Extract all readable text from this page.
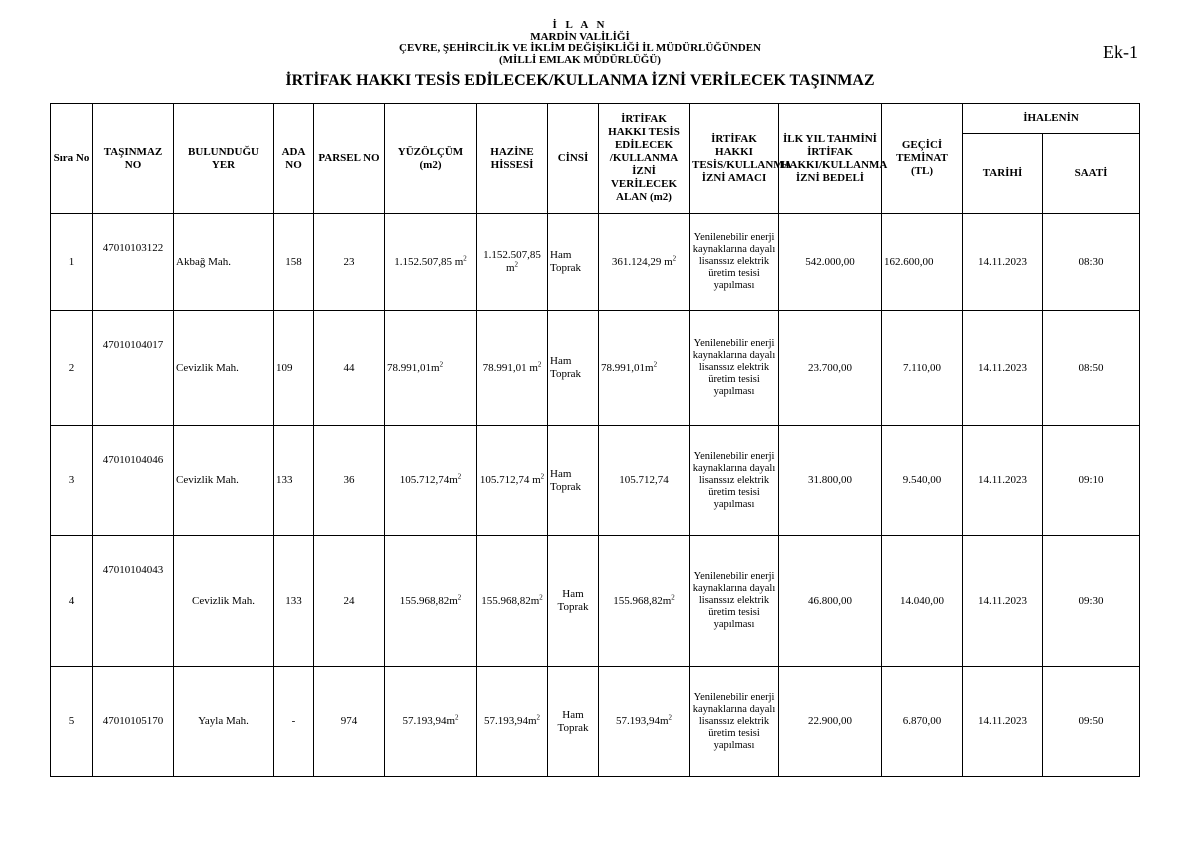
İ L A N
MARDİN VALİLİĞİ
ÇEVRE, ŞEHİRCİLİK VE İKLİM DEĞİŞİKLİĞİ İL MÜDÜRLÜĞÜNDEN
(MİLLİ EMLAK MÜDÜRLÜĞÜ)
İRTİFAK HAKKI TESİS EDİLECEK/KULLANMA İZNİ VERİLECEK TAŞINMAZ
Ek-1
Sıra No	TAŞINMAZ NO	BULUNDUĞU YER	ADA NO	PARSEL NO	YÜZÖLÇÜM (m2)	HAZİNE HİSSESİ	CİNSİ	İRTİFAK HAKKI TESİS EDİLECEK /KULLANMA İZNİ VERİLECEK ALAN (m2)	İRTİFAK HAKKI TESİS/KULLANMA İZNİ AMACI	İLK YIL TAHMİNİ İRTİFAK HAKKI/KULLANMA İZNİ BEDELİ	GEÇİCİ TEMİNAT (TL)	İHALENİN	
												TARİHİ	SAATİ
1	47010103122	Akbağ Mah.	158	23	1.152.507,85 $m^2$	1.152.507,85 $m^2$	Ham Toprak	361.124,29 $m^2$	Yenilenebilir enerji kaynaklarına dayalı lisanssız elektrik üretim tesisi yapılması	542.000,00	162.600,00	14.11.2023	08:30
2	47010104017	Cevizlik Mah.	109	44	$78.991,01m^2$	78.991,01 $m^2$	Ham Toprak	$78.991,01m^2$	Yenilenebilir enerji kaynaklarına dayalı lisanssız elektrik üretim tesisi yapılması	23.700,00	7.110,00	14.11.2023	08:50
3	47010104046	Cevizlik Mah.	133	36	$105.712,74m^2$	105.712,74 $m^2$	Ham Toprak	105.712,74	Yenilenebilir enerji kaynaklarına dayalı lisanssız elektrik üretim tesisi yapılması	31.800,00	9.540,00	14.11.2023	09:10
4	47010104043	Cevizlik Mah.	133	24	$155.968,82m^2$	$155.968,82m^2$	Ham Toprak	$155.968,82m^2$	Yenilenebilir enerji kaynaklarına dayalı lisanssız elektrik üretim tesisi yapılması	46.800,00	14.040,00	14.11.2023	09:30
5	47010105170	Yayla Mah.	-	974	$57.193,94m^2$	$57.193,94m^2$	Ham Toprak	$57.193,94m^2$	Yenilenebilir enerji kaynaklarına dayalı lisanssız elektrik üretim tesisi yapılması	22.900,00	6.870,00	14.11.2023	09:50
